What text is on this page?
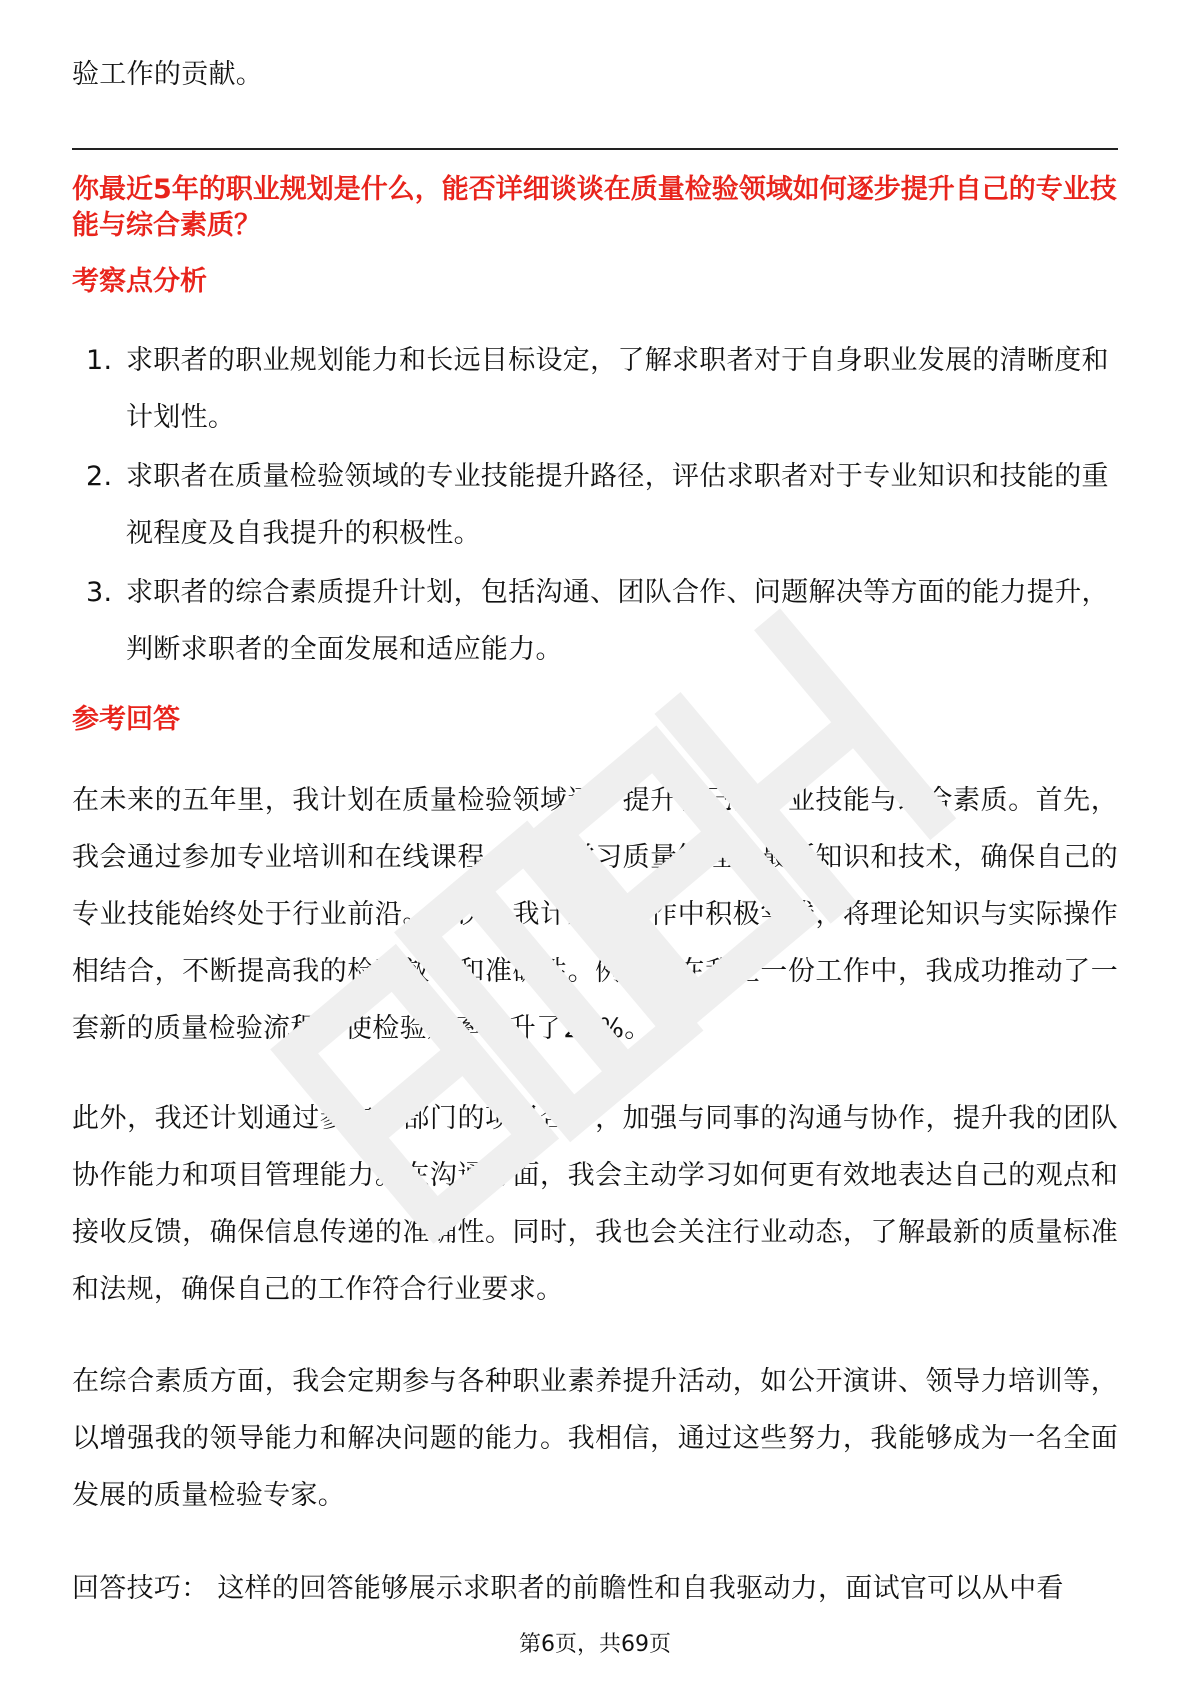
验工作的贡献。

你最近5年的职业规划是什么，能否详细谈谈在质量检验领域如何逐步提升自己的专业技能与综合素质？

考察点分析

1. 求职者的职业规划能力和长远目标设定，了解求职者对于自身职业发展的清晰度和计划性。
2. 求职者在质量检验领域的专业技能提升路径，评估求职者对于专业知识和技能的重视程度及自我提升的积极性。
3. 求职者的综合素质提升计划，包括沟通、团队合作、问题解决等方面的能力提升，判断求职者的全面发展和适应能力。

参考回答

在未来的五年里，我计划在质量检验领域逐步提升自己的专业技能与综合素质。首先，我会通过参加专业培训和在线课程，深入学习质量管理的最新知识和技术，确保自己的专业技能始终处于行业前沿。其次，我计划在工作中积极实践，将理论知识与实际操作相结合，不断提高我的检验效率和准确性。例如，在我上一份工作中，我成功推动了一套新的质量检验流程，使检验效率提升了20%。

此外，我还计划通过参与跨部门的项目合作，加强与同事的沟通与协作，提升我的团队协作能力和项目管理能力。在沟通方面，我会主动学习如何更有效地表达自己的观点和接收反馈，确保信息传递的准确性。同时，我也会关注行业动态，了解最新的质量标准和法规，确保自己的工作符合行业要求。

在综合素质方面，我会定期参与各种职业素养提升活动，如公开演讲、领导力培训等，以增强我的领导能力和解决问题的能力。我相信，通过这些努力，我能够成为一名全面发展的质量检验专家。

回答技巧： 这样的回答能够展示求职者的前瞻性和自我驱动力，面试官可以从中看

第6页，共69页
